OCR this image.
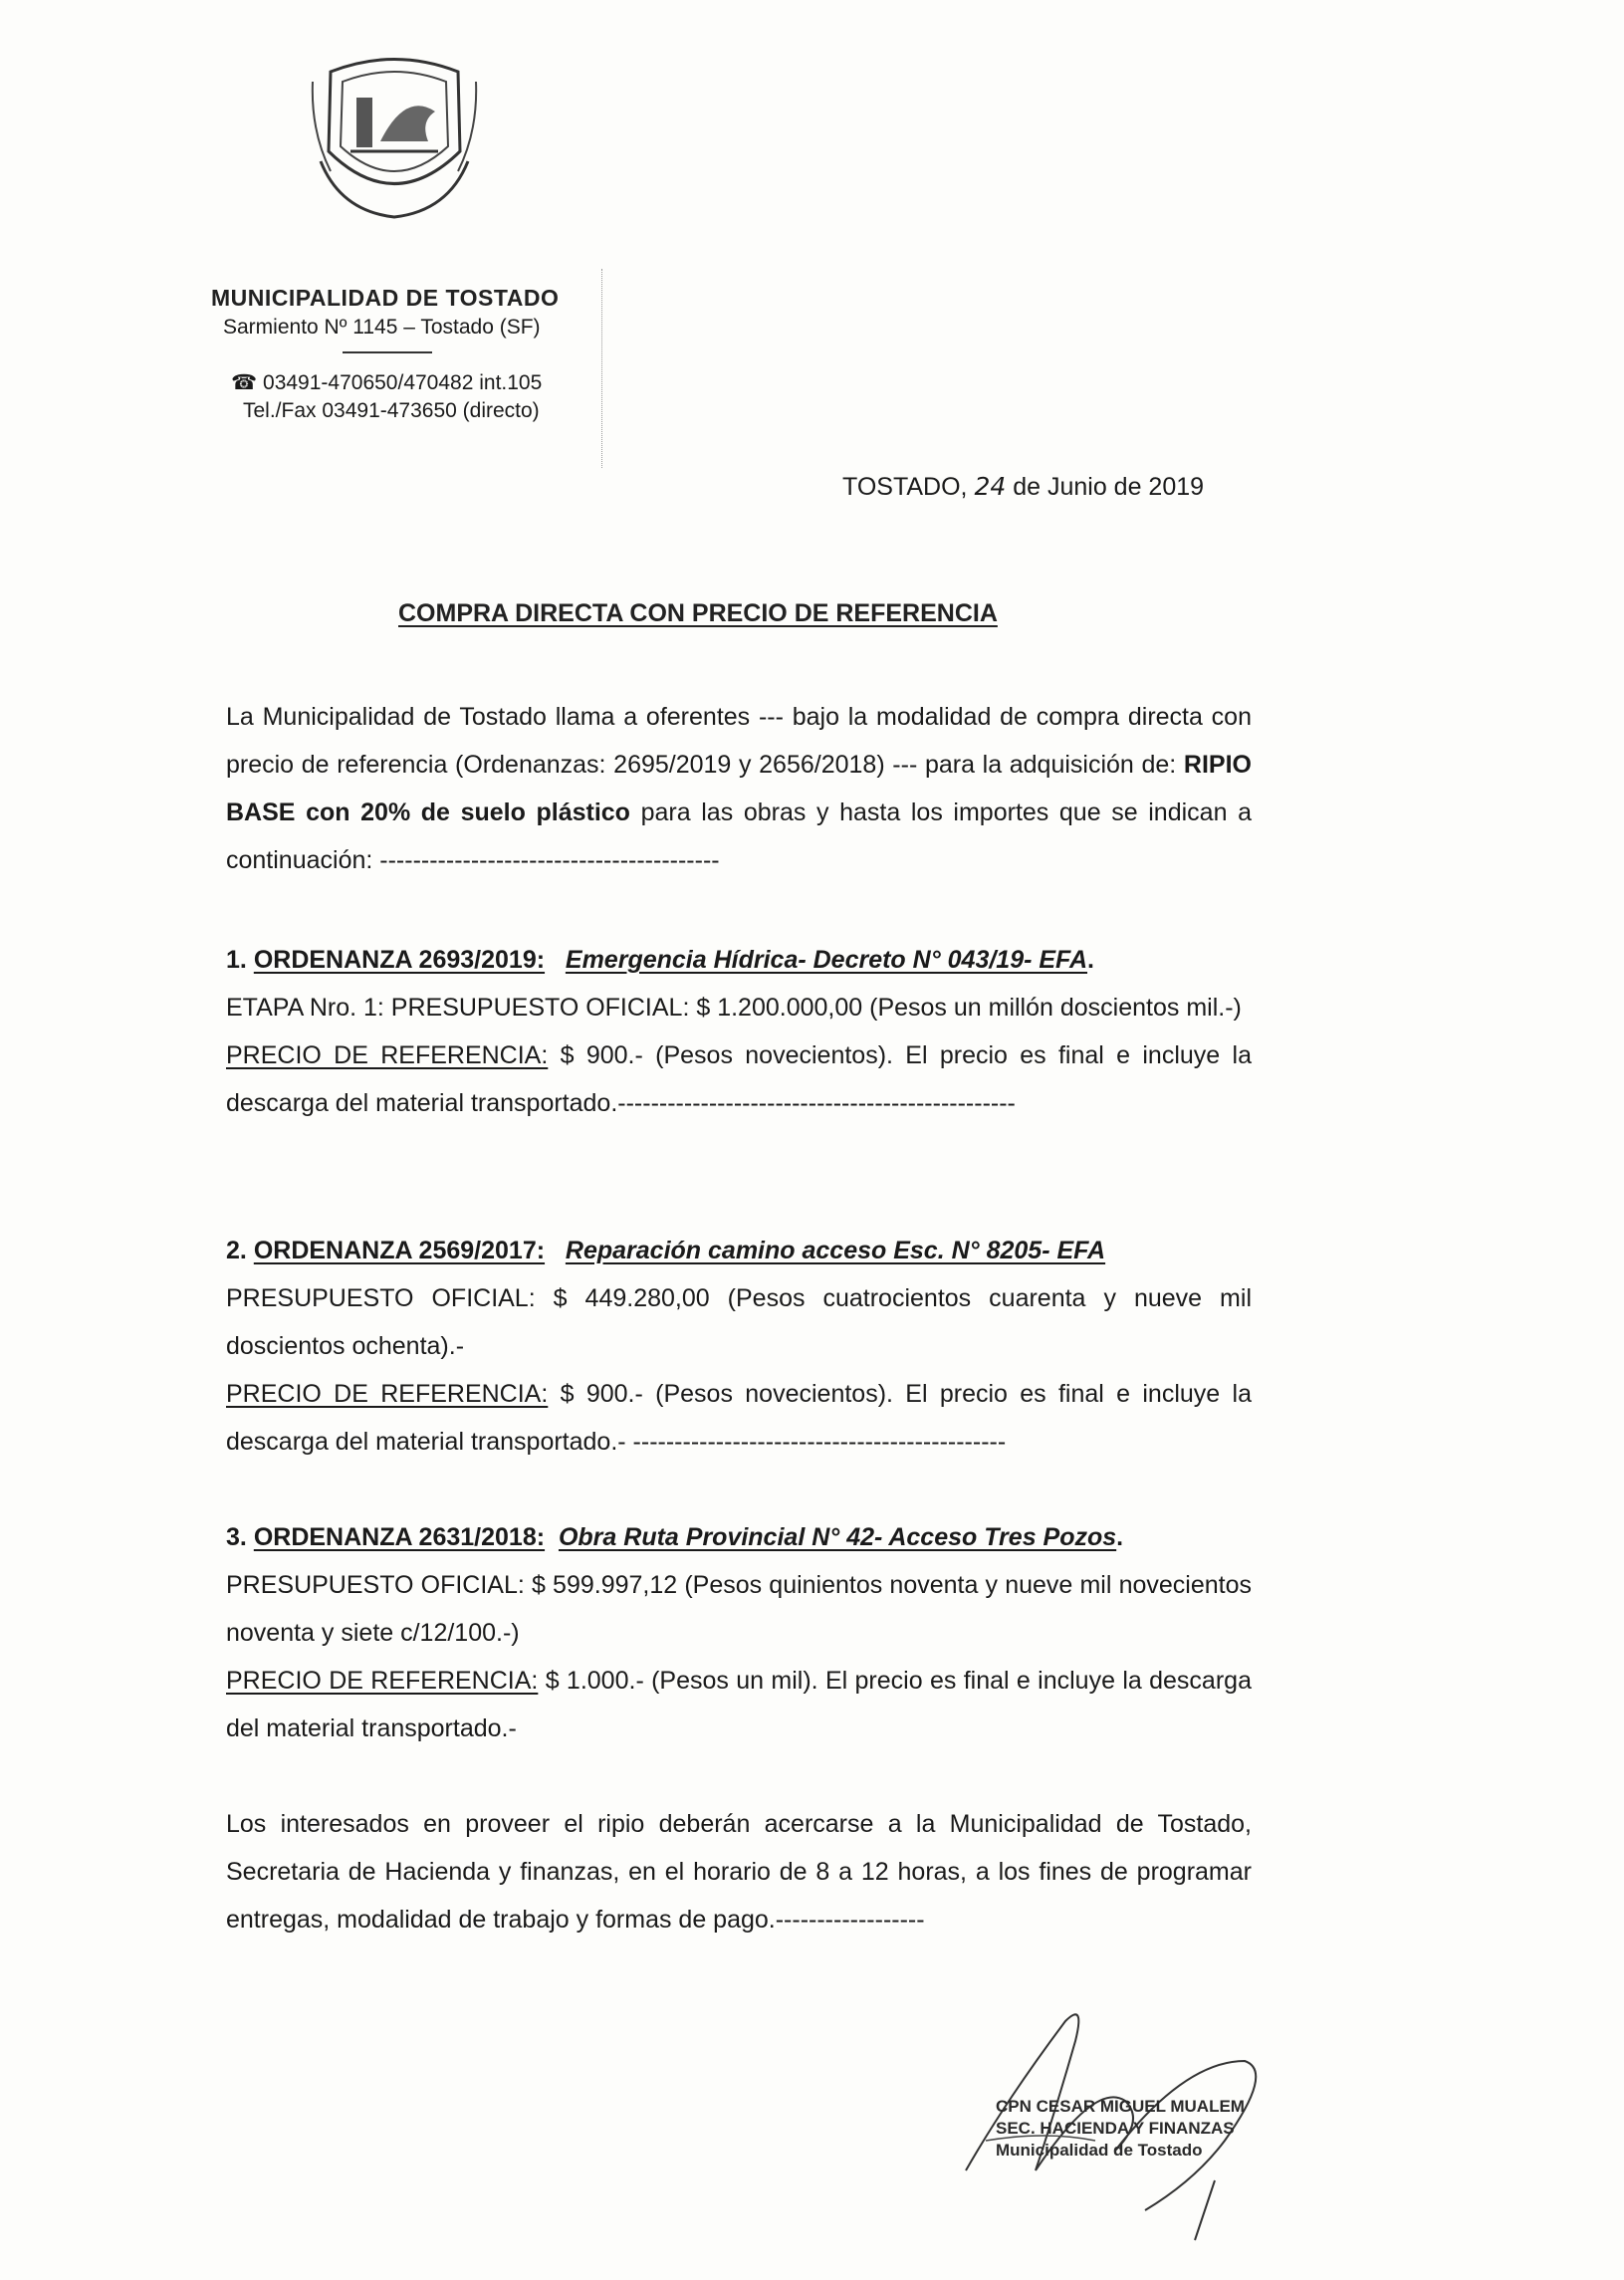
MUNICIPALIDAD DE TOSTADO
Sarmiento Nº 1145 – Tostado (SF)
☎ 03491-470650/470482 int.105
Tel./Fax 03491-473650 (directo)
TOSTADO, 24 de Junio de 2019
COMPRA DIRECTA CON PRECIO DE REFERENCIA
La Municipalidad de Tostado llama a oferentes --- bajo la modalidad de compra directa con precio de referencia (Ordenanzas: 2695/2019 y 2656/2018) --- para la adquisición de: RIPIO BASE con 20% de suelo plástico para las obras y hasta los importes que se indican a continuación: -----------------------------------------
1. ORDENANZA 2693/2019: Emergencia Hídrica- Decreto N° 043/19- EFA.
ETAPA Nro. 1: PRESUPUESTO OFICIAL: $ 1.200.000,00 (Pesos un millón doscientos mil.-)
PRECIO DE REFERENCIA: $ 900.- (Pesos novecientos). El precio es final e incluye la descarga del material transportado.------------------------------------------------
2. ORDENANZA 2569/2017: Reparación camino acceso Esc. N° 8205- EFA
PRESUPUESTO OFICIAL: $ 449.280,00 (Pesos cuatrocientos cuarenta y nueve mil doscientos ochenta).-
PRECIO DE REFERENCIA: $ 900.- (Pesos novecientos). El precio es final e incluye la descarga del material transportado.- ---------------------------------------------
3. ORDENANZA 2631/2018: Obra Ruta Provincial N° 42- Acceso Tres Pozos.
PRESUPUESTO OFICIAL: $ 599.997,12 (Pesos quinientos noventa y nueve mil novecientos noventa y siete c/12/100.-)
PRECIO DE REFERENCIA: $ 1.000.- (Pesos un mil). El precio es final e incluye la descarga del material transportado.-
Los interesados en proveer el ripio deberán acercarse a la Municipalidad de Tostado, Secretaria de Hacienda y finanzas, en el horario de 8 a 12 horas, a los fines de programar entregas, modalidad de trabajo y formas de pago.------------------
CPN CESAR MIGUEL MUALEM
SEC. HACIENDA Y FINANZAS
Municipalidad de Tostado
